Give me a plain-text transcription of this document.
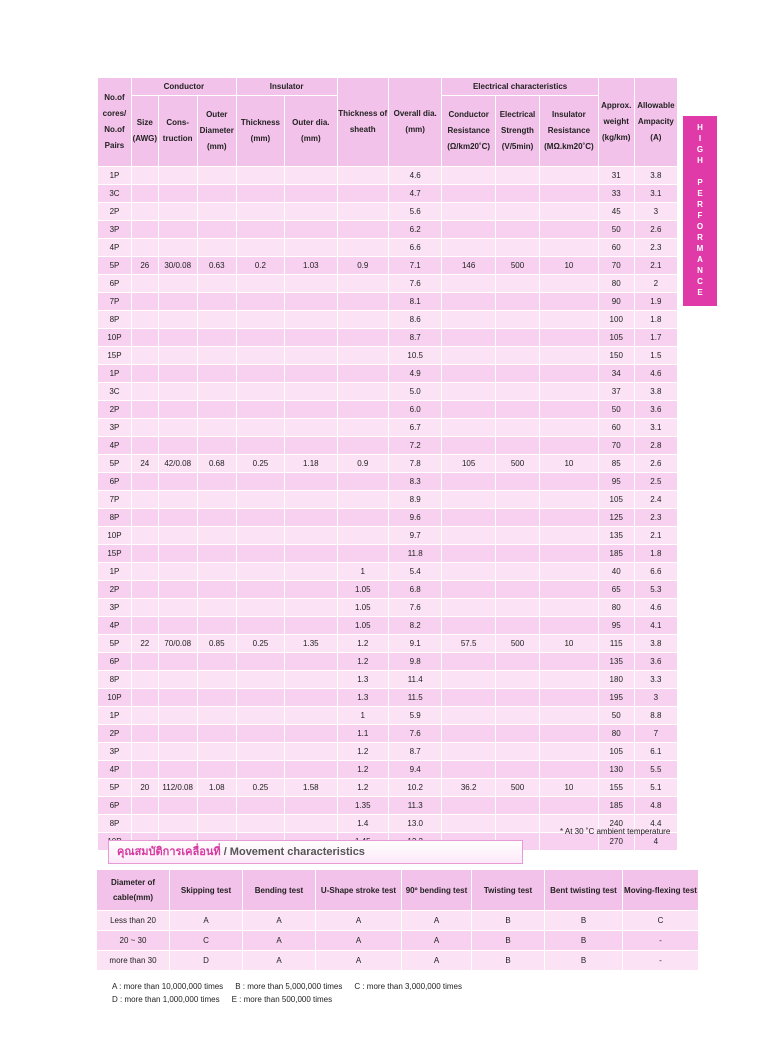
No.of cores/ No.of Pairs	Conductor			Insulator		Thickness of sheath	Overall dia. (mm)	Electrical characteristics			Approx. weight (kg/km)	Allowable Ampacity (A)
	Size (AWG)	Cons- truction	Outer Diameter (mm)	Thickness (mm)	Outer dia. (mm)			Conductor Resistance (Ω/km20˚C)	Electrical Strength (V/5min)	Insulator Resistance (MΩ.km20˚C)		
1P							4.6				31	3.8
3C							4.7				33	3.1
2P							5.6				45	3
3P							6.2				50	2.6
4P							6.6				60	2.3
5P	26	30/0.08	0.63	0.2	1.03	0.9	7.1	146	500	10	70	2.1
6P							7.6				80	2
7P							8.1				90	1.9
8P							8.6				100	1.8
10P							8.7				105	1.7
15P							10.5				150	1.5
1P							4.9				34	4.6
3C							5.0				37	3.8
2P							6.0				50	3.6
3P							6.7				60	3.1
4P							7.2				70	2.8
5P	24	42/0.08	0.68	0.25	1.18	0.9	7.8	105	500	10	85	2.6
6P							8.3				95	2.5
7P							8.9				105	2.4
8P							9.6				125	2.3
10P							9.7				135	2.1
15P							11.8				185	1.8
1P						1	5.4				40	6.6
2P						1.05	6.8				65	5.3
3P						1.05	7.6				80	4.6
4P						1.05	8.2				95	4.1
5P	22	70/0.08	0.85	0.25	1.35	1.2	9.1	57.5	500	10	115	3.8
6P						1.2	9.8				135	3.6
8P						1.3	11.4				180	3.3
10P						1.3	11.5				195	3
1P						1	5.9				50	8.8
2P						1.1	7.6				80	7
3P						1.2	8.7				105	6.1
4P						1.2	9.4				130	5.5
5P	20	112/0.08	1.08	0.25	1.58	1.2	10.2	36.2	500	10	155	5.1
6P						1.35	11.3				185	4.8
8P						1.4	13.0				240	4.4
											270	4
HIGH PERFORMANCE
* At 30 ˚C ambient temperature
คุณสมบัติการเคลื่อนที่ / Movement characteristics
Diameter of cable(mm)	Skipping test	Bending test	U-Shape stroke test	90º bending test	Twisting test	Bent twisting test	Moving-flexing test
Less than 20	A	A	A	A	B	B	C
20 ~ 30	C	A	A	A	B	B	-
more than 30	D	A	A	A	B	B	-
A : more than 10,000,000 times B : more than 5,000,000 times C : more than 3,000,000 times
D : more than 1,000,000 times E : more than 500,000 times
